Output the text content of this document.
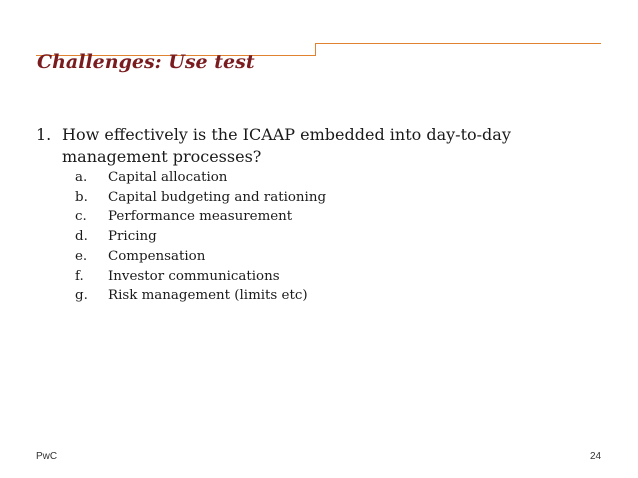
Challenges: Use test
1. How effectively is the ICAAP embedded into day-to-day management processes?
a. Capital allocation
b. Capital budgeting and rationing
c. Performance measurement
d. Pricing
e. Compensation
f. Investor communications
g. Risk management (limits etc)
PwC	24
